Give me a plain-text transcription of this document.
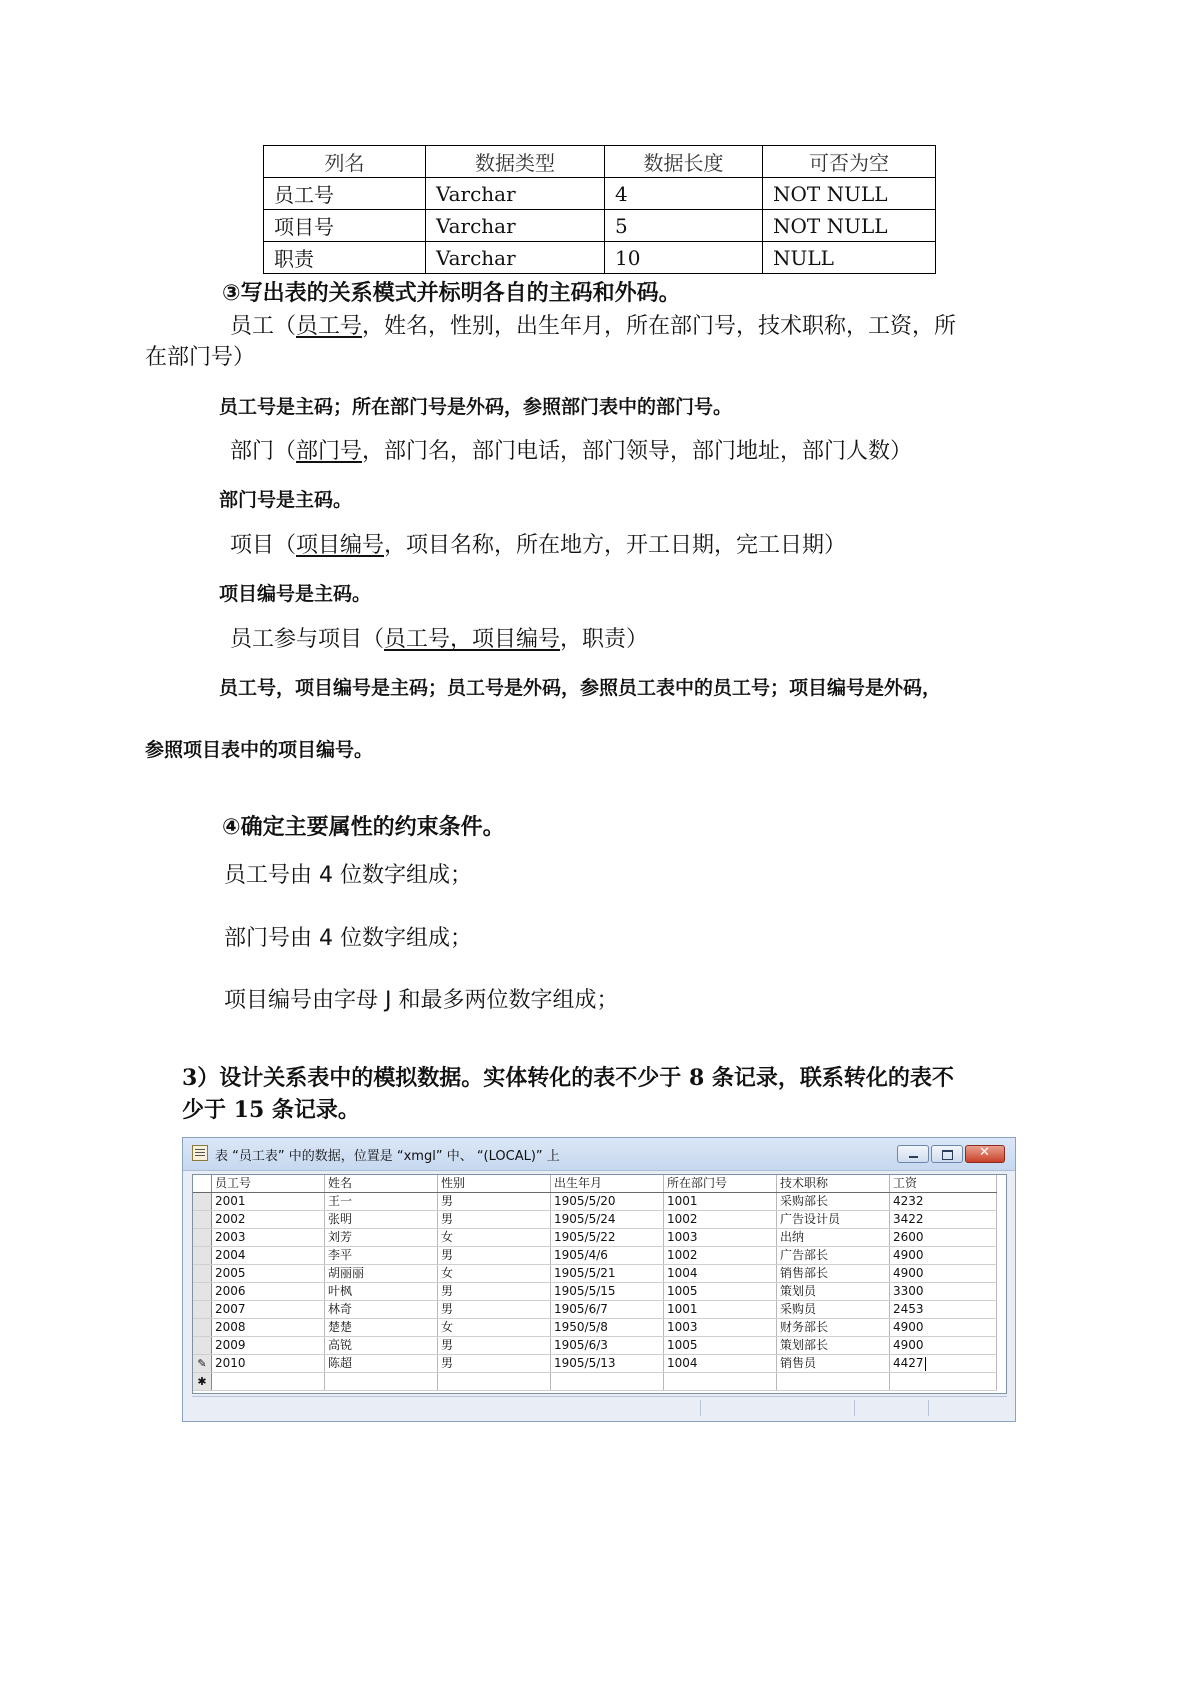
列名	数据类型	数据长度	可否为空
员工号	Varchar	4	NOT NULL
项目号	Varchar	5	NOT NULL
职责	Varchar	10	NULL
③写出表的关系模式并标明各自的主码和外码。
员工（员工号，姓名，性别，出生年月，所在部门号，技术职称，工资，所
在部门号）
员工号是主码；所在部门号是外码，参照部门表中的部门号。
部门（部门号，部门名，部门电话，部门领导，部门地址，部门人数）
部门号是主码。
项目（项目编号，项目名称，所在地方，开工日期，完工日期）
项目编号是主码。
员工参与项目（员工号，项目编号，职责）
员工号，项目编号是主码；员工号是外码，参照员工表中的员工号；项目编号是外码，
参照项目表中的项目编号。
④确定主要属性的约束条件。
员工号由 4 位数字组成；
部门号由 4 位数字组成；
项目编号由字母 J 和最多两位数字组成；
3）设计关系表中的模拟数据。实体转化的表不少于 8 条记录，联系转化的表不
少于 15 条记录。
表 “员工表” 中的数据，位置是 “xmgl” 中、 “(LOCAL)” 上
✕
	员工号	姓名	性别	出生年月	所在部门号	技术职称	工资
	2001	王一	男	1905/5/20	1001	采购部长	4232
	2002	张明	男	1905/5/24	1002	广告设计员	3422
	2003	刘芳	女	1905/5/22	1003	出纳	2600
	2004	李平	男	1905/4/6	1002	广告部长	4900
	2005	胡丽丽	女	1905/5/21	1004	销售部长	4900
	2006	叶枫	男	1905/5/15	1005	策划员	3300
	2007	林奇	男	1905/6/7	1001	采购员	2453
	2008	楚楚	女	1950/5/8	1003	财务部长	4900
	2009	高锐	男	1905/6/3	1005	策划部长	4900
✎	2010	陈超	男	1905/5/13	1004	销售员	4427
✱							
